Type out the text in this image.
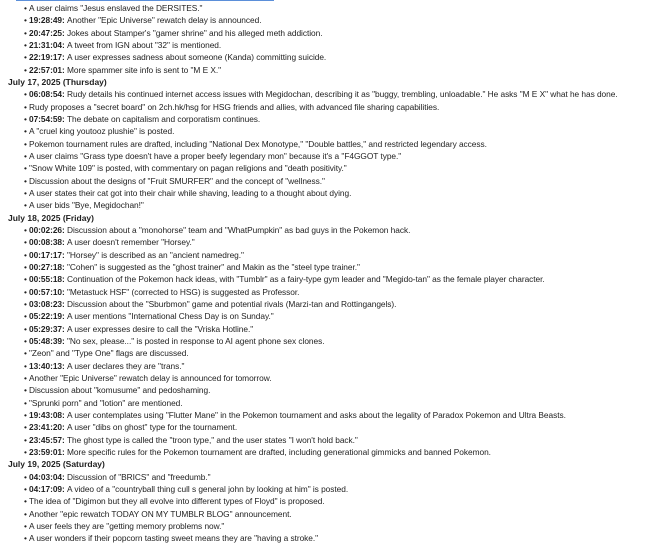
• A user claims "Jesus enslaved the DERSITES."
• 19:28:49: Another "Epic Universe" rewatch delay is announced.
• 20:47:25: Jokes about Stamper's "gamer shrine" and his alleged meth addiction.
• 21:31:04: A tweet from IGN about "32" is mentioned.
• 22:19:17: A user expresses sadness about someone (Kanda) committing suicide.
• 22:57:01: More spammer site info is sent to "M E X."
July 17, 2025 (Thursday)
• 06:08:54: Rudy details his continued internet access issues with Megidochan, describing it as "buggy, trembling, unloadable." He asks "M E X" what he has done.
• Rudy proposes a "secret board" on 2ch.hk/hsg for HSG friends and allies, with advanced file sharing capabilities.
• 07:54:59: The debate on capitalism and corporatism continues.
• A "cruel king youtooz plushie" is posted.
• Pokemon tournament rules are drafted, including "National Dex Monotype," "Double battles," and restricted legendary access.
• A user claims "Grass type doesn't have a proper beefy legendary mon" because it's a "F4GGOT type."
• "Snow White 109" is posted, with commentary on pagan religions and "death positivity."
• Discussion about the designs of "Fruit SMURFER" and the concept of "wellness."
• A user states their cat got into their chair while shaving, leading to a thought about dying.
• A user bids "Bye, Megidochan!"
July 18, 2025 (Friday)
• 00:02:26: Discussion about a "monohorse" team and "WhatPumpkin" as bad guys in the Pokemon hack.
• 00:08:38: A user doesn't remember "Horsey."
• 00:17:17: "Horsey" is described as an "ancient namedreg."
• 00:27:18: "Cohen" is suggested as the "ghost trainer" and Makin as the "steel type trainer."
• 00:55:18: Continuation of the Pokemon hack ideas, with "Tumblr" as a fairy-type gym leader and "Megido-tan" as the female player character.
• 00:57:10: "Metastuck HSF" (corrected to HSG) is suggested as Professor.
• 03:08:23: Discussion about the "Sburbmon" game and potential rivals (Marzi-tan and Rottingangels).
• 05:22:19: A user mentions "International Chess Day is on Sunday."
• 05:29:37: A user expresses desire to call the "Vriska Hotline."
• 05:48:39: "No sex, please..." is posted in response to AI agent phone sex clones.
• "Zeon" and "Type One" flags are discussed.
• 13:40:13: A user declares they are "trans."
• Another "Epic Universe" rewatch delay is announced for tomorrow.
• Discussion about "komusume" and pedoshaming.
• "Sprunki porn" and "lotion" are mentioned.
• 19:43:08: A user contemplates using "Flutter Mane" in the Pokemon tournament and asks about the legality of Paradox Pokemon and Ultra Beasts.
• 23:41:20: A user "dibs on ghost" type for the tournament.
• 23:45:57: The ghost type is called the "troon type," and the user states "I won't hold back."
• 23:59:01: More specific rules for the Pokemon tournament are drafted, including generational gimmicks and banned Pokemon.
July 19, 2025 (Saturday)
• 04:03:04: Discussion of "BRICS" and "freedumb."
• 04:17:09: A video of a "countryball thing cull s general john by looking at him" is posted.
• The idea of "Digimon but they all evolve into different types of Floyd" is proposed.
• Another "epic rewatch TODAY ON MY TUMBLR BLOG" announcement.
• A user feels they are "getting memory problems now."
• A user wonders if their popcorn tasting sweet means they are "having a stroke."
